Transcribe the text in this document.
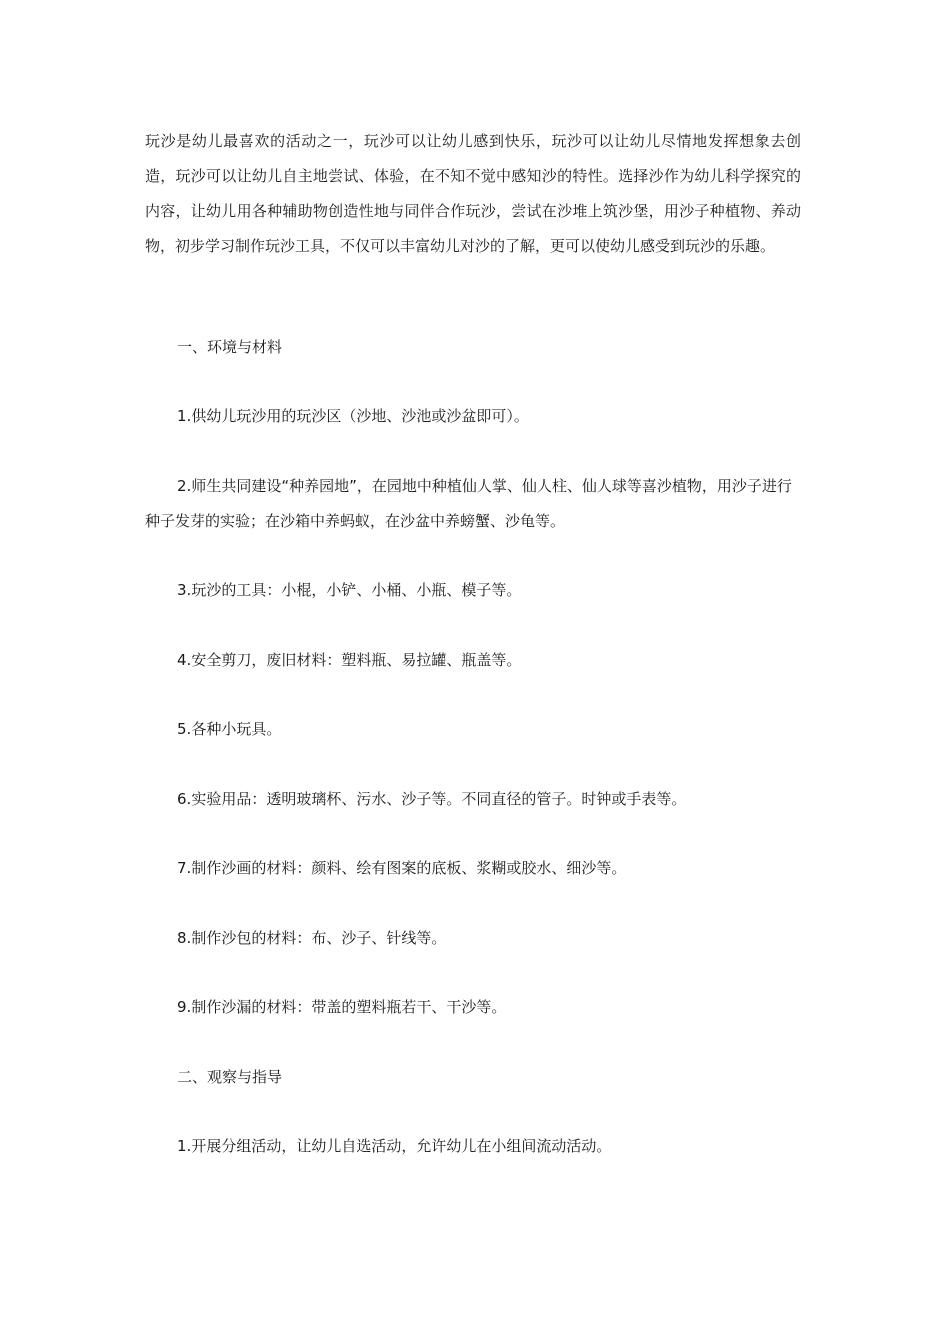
玩沙是幼儿最喜欢的活动之一，玩沙可以让幼儿感到快乐，玩沙可以让幼儿尽情地发挥想象去创造，玩沙可以让幼儿自主地尝试、体验，在不知不觉中感知沙的特性。选择沙作为幼儿科学探究的内容，让幼儿用各种辅助物创造性地与同伴合作玩沙，尝试在沙堆上筑沙堡，用沙子种植物、养动物，初步学习制作玩沙工具，不仅可以丰富幼儿对沙的了解，更可以使幼儿感受到玩沙的乐趣。

一、环境与材料

1.供幼儿玩沙用的玩沙区（沙地、沙池或沙盆即可）。

2.师生共同建设“种养园地”，在园地中种植仙人掌、仙人柱、仙人球等喜沙植物，用沙子进行种子发芽的实验；在沙箱中养蚂蚁，在沙盆中养螃蟹、沙龟等。

3.玩沙的工具：小棍，小铲、小桶、小瓶、模子等。

4.安全剪刀，废旧材料：塑料瓶、易拉罐、瓶盖等。

5.各种小玩具。

6.实验用品：透明玻璃杯、污水、沙子等。不同直径的管子。时钟或手表等。

7.制作沙画的材料：颜料、绘有图案的底板、浆糊或胶水、细沙等。

8.制作沙包的材料：布、沙子、针线等。

9.制作沙漏的材料：带盖的塑料瓶若干、干沙等。

二、观察与指导

1.开展分组活动，让幼儿自选活动，允许幼儿在小组间流动活动。
